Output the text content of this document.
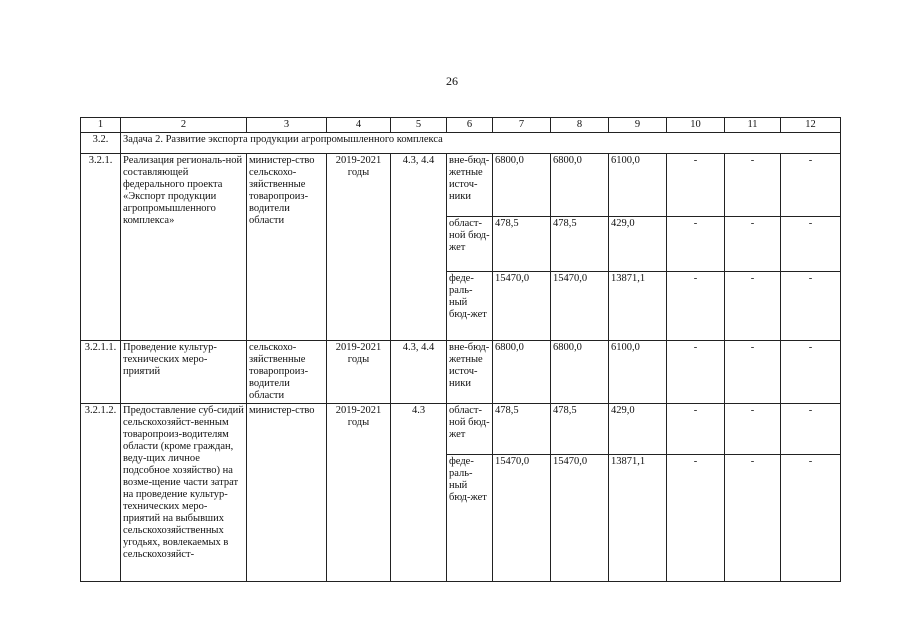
26
1	2	3	4	5	6	7	8	9	10	11	12
3.2.	Задача 2. Развитие экспорта продукции агропромышленного комплекса										
3.2.1.	Реализация региональ-ной составляющей федерального проекта «Экспорт продукции агропромышленного комплекса»	министер-ство сельскохо-зяйственные товаропроиз-водители области	2019-2021 годы	4.3, 4.4	вне-бюд-жетные источ-ники	6800,0	6800,0	6100,0	-	-	-
					област-ной бюд-жет	478,5	478,5	429,0	-	-	-
					феде-раль-ный бюд-жет	15470,0	15470,0	13871,1	-	-	-
3.2.1.1.	Проведение культур-технических меро-приятий	сельскохо-зяйственные товаропроиз-водители области	2019-2021 годы	4.3, 4.4	вне-бюд-жетные источ-ники	6800,0	6800,0	6100,0	-	-	-
3.2.1.2.	Предоставление суб-сидий сельскохозяйст-венным товаропроиз-водителям области (кроме граждан, веду-щих личное подсобное хозяйство) на возме-щение части затрат на проведение культур-технических меро-приятий на выбывших сельскохозяйственных угодьях, вовлекаемых в сельскохозяйст-	министер-ство	2019-2021 годы	4.3	област-ной бюд-жет	478,5	478,5	429,0	-	-	-
					феде-раль-ный бюд-жет	15470,0	15470,0	13871,1	-	-	-
